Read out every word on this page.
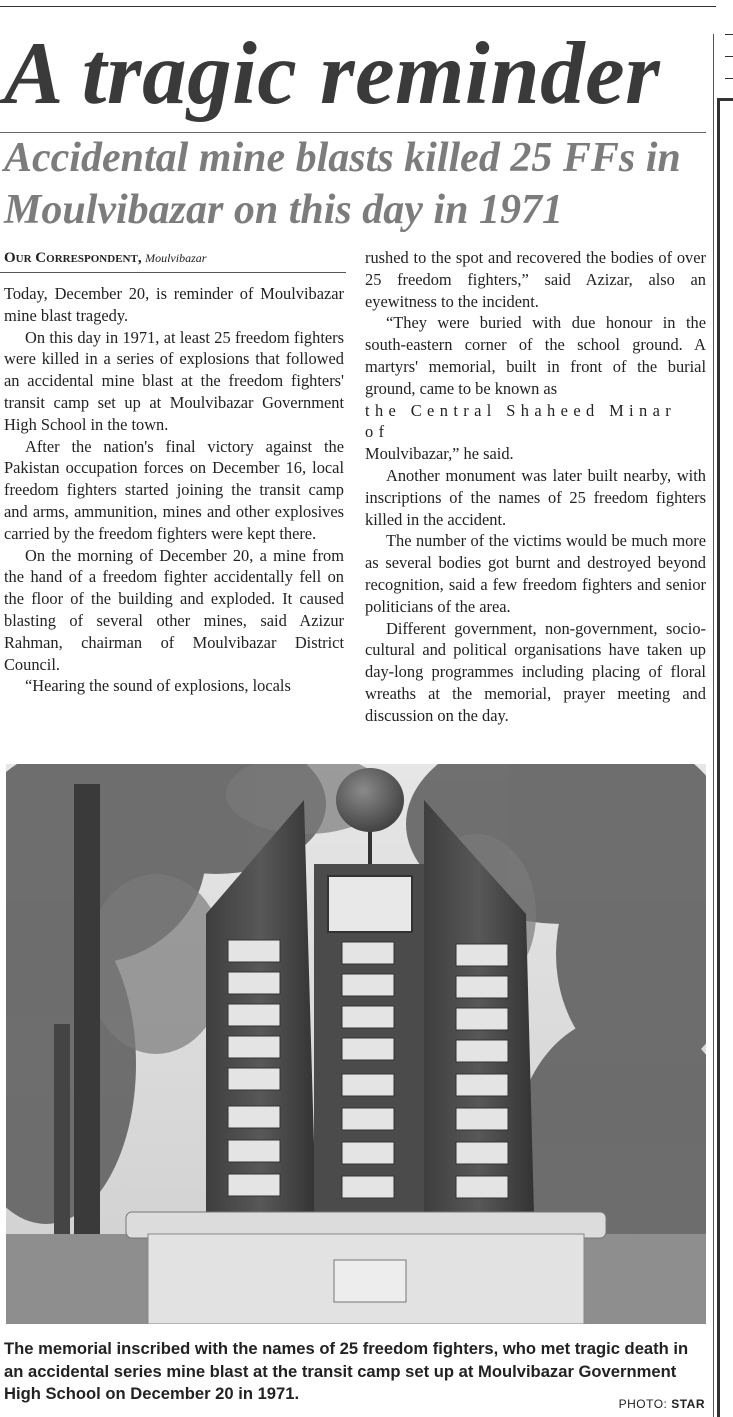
A tragic reminder
Accidental mine blasts killed 25 FFs in Moulvibazar on this day in 1971
Our Correspondent, Moulvibazar

Today, December 20, is reminder of Moulvibazar mine blast tragedy.

On this day in 1971, at least 25 freedom fighters were killed in a series of explosions that followed an accidental mine blast at the freedom fighters' transit camp set up at Moulvibazar Government High School in the town.

After the nation's final victory against the Pakistan occupation forces on December 16, local freedom fighters started joining the transit camp and arms, ammunition, mines and other explosives carried by the freedom fighters were kept there.

On the morning of December 20, a mine from the hand of a freedom fighter accidentally fell on the floor of the building and exploded. It caused blasting of several other mines, said Azizur Rahman, chairman of Moulvibazar District Council.

“Hearing the sound of explosions, locals

rushed to the spot and recovered the bodies of over 25 freedom fighters,” said Azizar, also an eyewitness to the incident.

“They were buried with due honour in the south-eastern corner of the school ground. A martyrs' memorial, built in front of the burial ground, came to be known as

the Central Shaheed Minar of

Moulvibazar,” he said.

Another monument was later built nearby, with inscriptions of the names of 25 freedom fighters killed in the accident.

The number of the victims would be much more as several bodies got burnt and destroyed beyond recognition, said a few freedom fighters and senior politicians of the area.

Different government, non-government, socio-cultural and political organisations have taken up day-long programmes including placing of floral wreaths at the memorial, prayer meeting and discussion on the day.

The memorial inscribed with the names of 25 freedom fighters, who met tragic death in an accidental series mine blast at the transit camp set up at Moulvibazar Government High School on December 20 in 1971.

PHOTO: STAR
